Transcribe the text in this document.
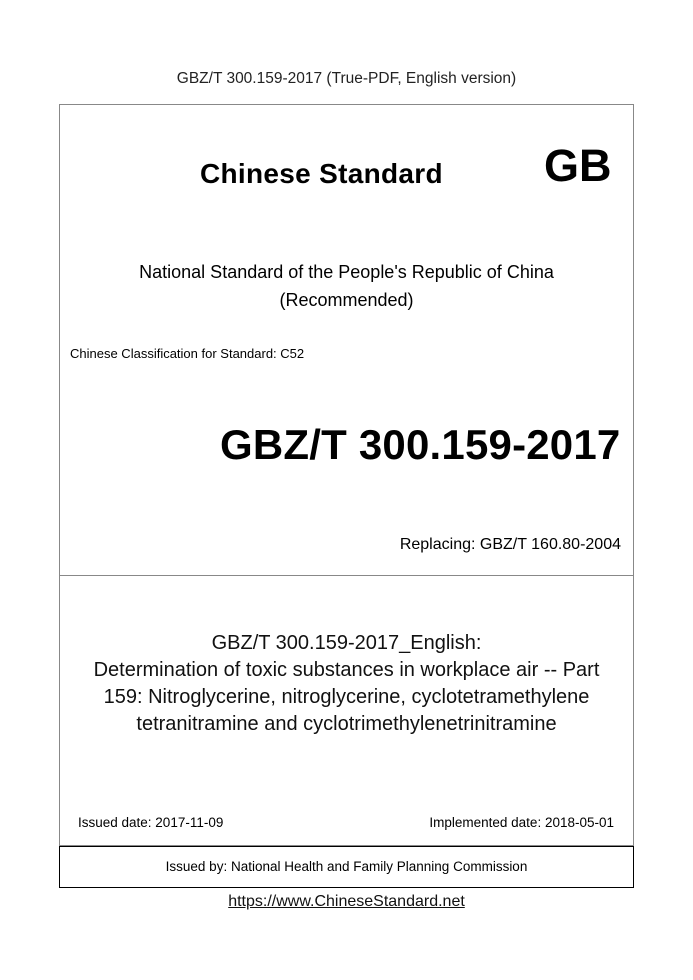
GBZ/T 300.159-2017 (True-PDF, English version)
Chinese Standard GB
National Standard of the People's Republic of China
(Recommended)
Chinese Classification for Standard: C52
GBZ/T 300.159-2017
Replacing: GBZ/T 160.80-2004
GBZ/T 300.159-2017_English:
Determination of toxic substances in workplace air -- Part
159: Nitroglycerine, nitroglycerine, cyclotetramethylene
tetranitramine and cyclotrimethylenetrinitramine
Issued date: 2017-11-09	Implemented date: 2018-05-01
Issued by: National Health and Family Planning Commission
https://www.ChineseStandard.net
